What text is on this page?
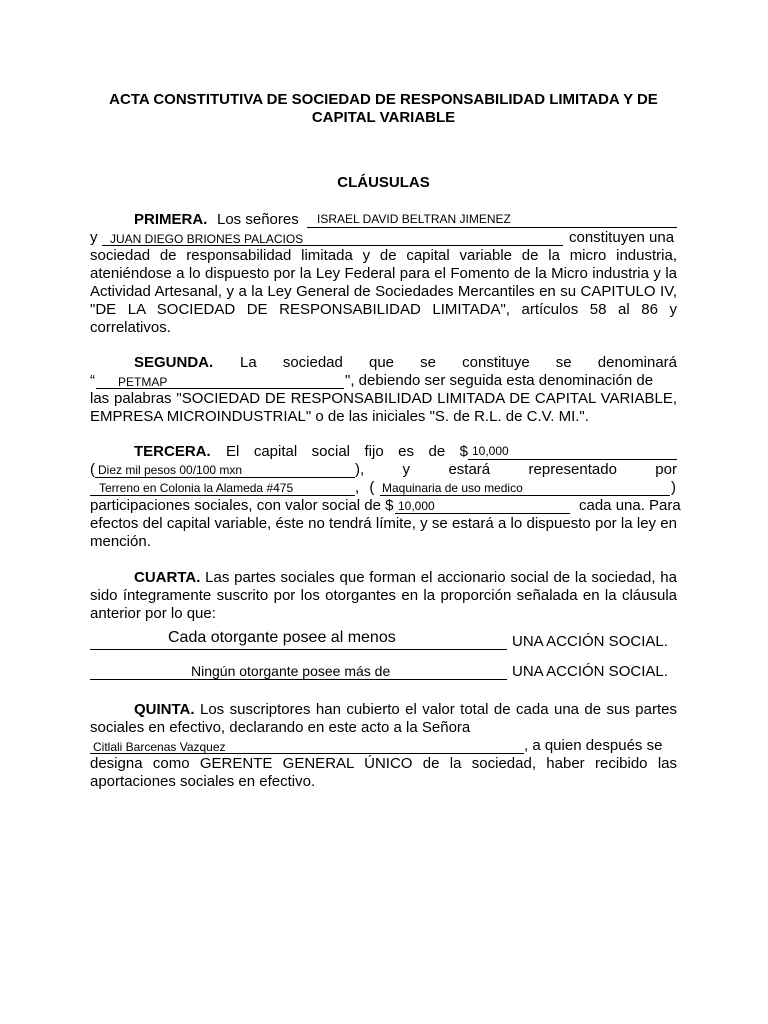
ACTA CONSTITUTIVA DE SOCIEDAD DE RESPONSABILIDAD LIMITADA Y DE CAPITAL VARIABLE
CLÁUSULAS
PRIMERA. Los señores ISRAEL DAVID BELTRAN JIMENEZ
y JUAN DIEGO BRIONES PALACIOS	constituyen una
sociedad de responsabilidad limitada y de capital variable de la micro industria, ateniéndose a lo dispuesto por la Ley Federal para el Fomento de la Micro industria y la Actividad Artesanal, y a la Ley General de Sociedades Mercantiles en su CAPITULO IV, "DE LA SOCIEDAD DE RESPONSABILIDAD LIMITADA", artículos 58 al 86 y correlativos.
SEGUNDA. La sociedad que se constituye se denominará
“ PETMAP	", debiendo ser seguida esta denominación de
las palabras "SOCIEDAD DE RESPONSABILIDAD LIMITADA DE CAPITAL VARIABLE, EMPRESA MICROINDUSTRIAL" o de las iniciales "S. de R.L. de C.V. MI.".
TERCERA. El capital social fijo es de $ 10,000
( Diez mil pesos 00/100 mxn	), y estará representado por
Terreno en Colonia la Alameda #475	, ( Maquinaria de uso medico	)
participaciones sociales, con valor social de $ 10,000	cada una. Para
efectos del capital variable, éste no tendrá límite, y se estará a lo dispuesto por la ley en mención.
CUARTA. Las partes sociales que forman el accionario social de la sociedad, ha sido íntegramente suscrito por los otorgantes en la proporción señalada en la cláusula anterior por lo que:
Cada otorgante posee al menos	UNA ACCIÓN SOCIAL.
Ningún otorgante posee más de	UNA ACCIÓN SOCIAL.
QUINTA. Los suscriptores han cubierto el valor total de cada una de sus partes sociales en efectivo, declarando en este acto a la Señora
Citlali Barcenas Vazquez	, a quien después se
designa como GERENTE GENERAL ÚNICO de la sociedad, haber recibido las aportaciones sociales en efectivo.
